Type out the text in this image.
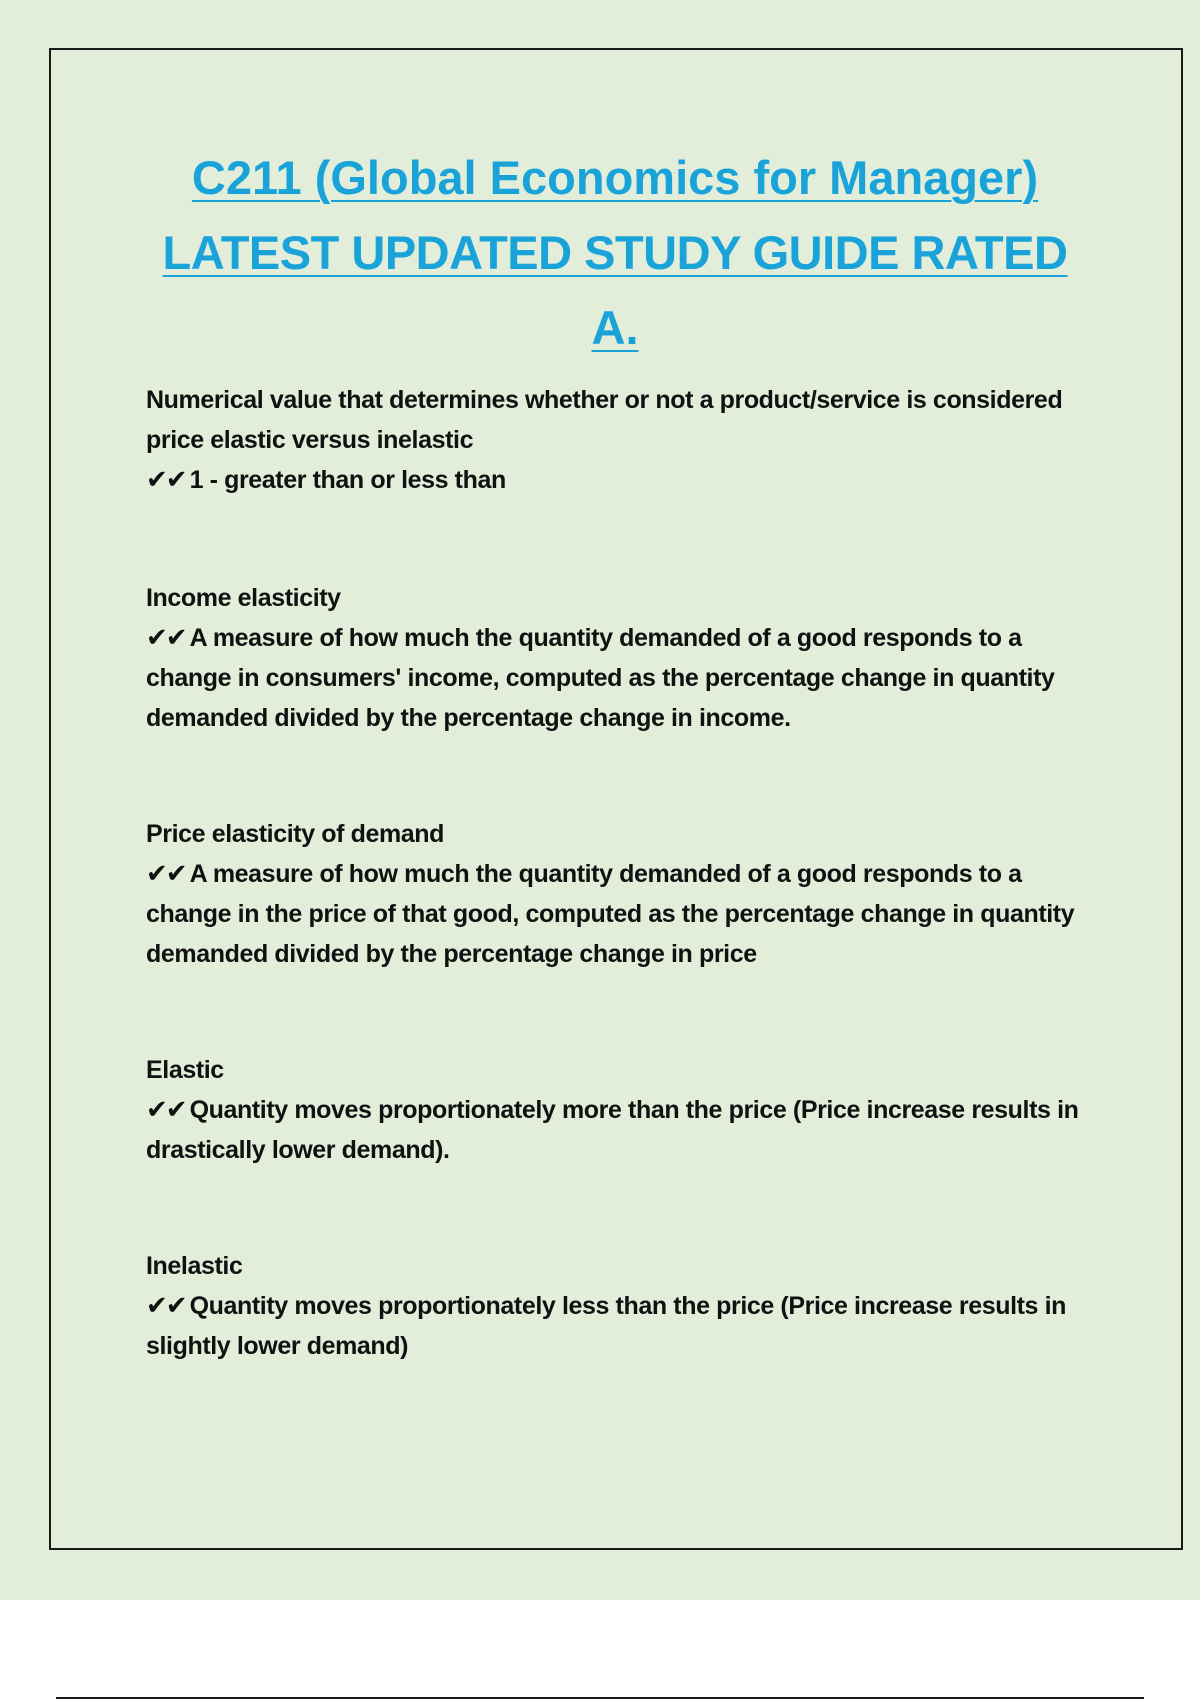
C211 (Global Economics for Manager)
LATEST UPDATED STUDY GUIDE RATED
A.
Numerical value that determines whether or not a product/service is considered price elastic versus inelastic
✔✔ 1 - greater than or less than
Income elasticity
✔✔ A measure of how much the quantity demanded of a good responds to a change in consumers' income, computed as the percentage change in quantity demanded divided by the percentage change in income.
Price elasticity of demand
✔✔ A measure of how much the quantity demanded of a good responds to a change in the price of that good, computed as the percentage change in quantity demanded divided by the percentage change in price
Elastic
✔✔ Quantity moves proportionately more than the price (Price increase results in drastically lower demand).
Inelastic
✔✔ Quantity moves proportionately less than the price (Price increase results in slightly lower demand)
